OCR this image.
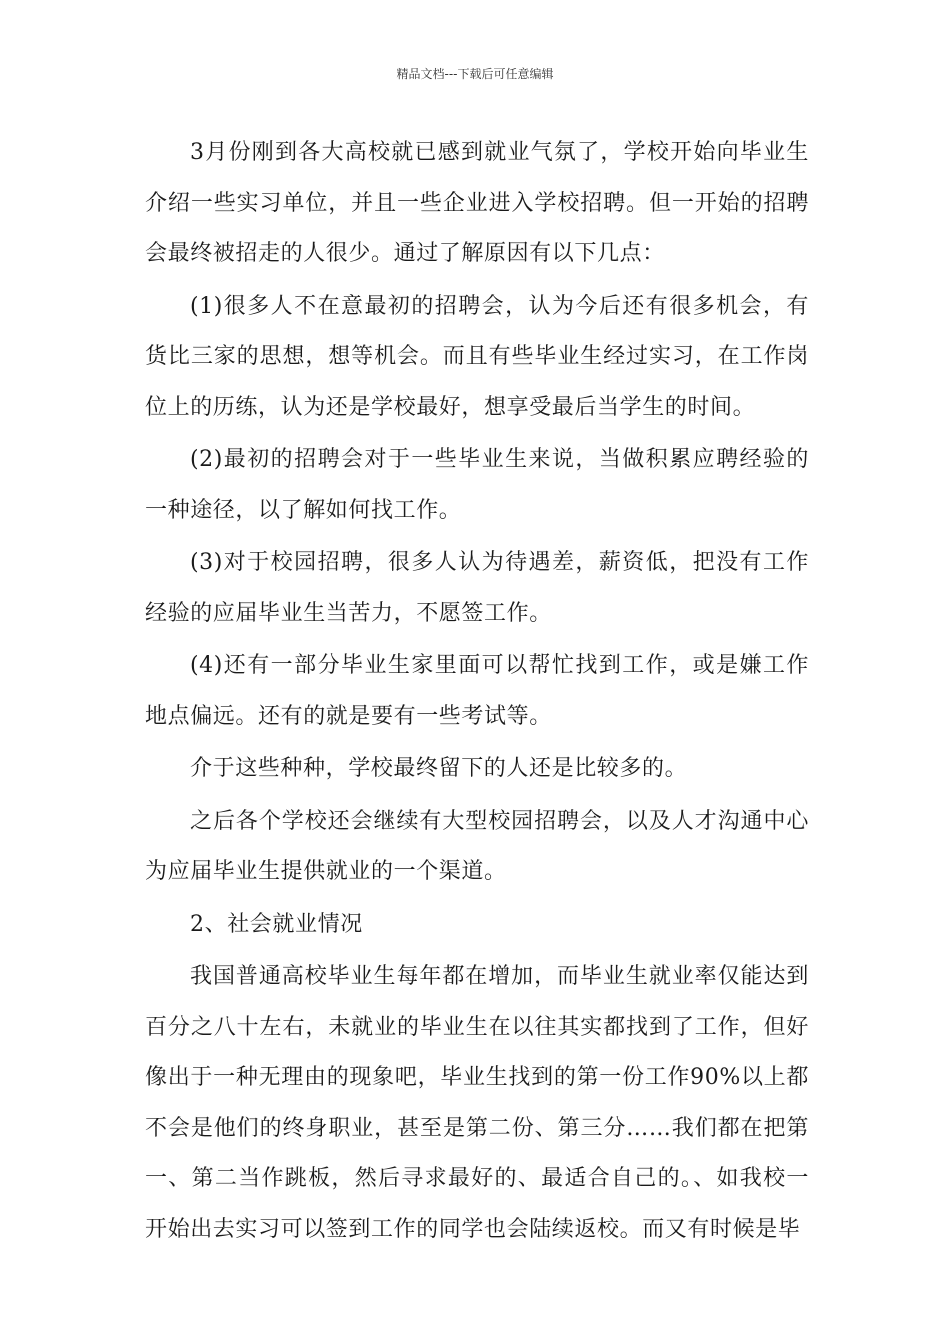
精品文档---下载后可任意编辑

3月份刚到各大高校就已感到就业气氛了，学校开始向毕业生介绍一些实习单位，并且一些企业进入学校招聘。但一开始的招聘会最终被招走的人很少。通过了解原因有以下几点：

(1)很多人不在意最初的招聘会，认为今后还有很多机会，有货比三家的思想，想等机会。而且有些毕业生经过实习，在工作岗位上的历练，认为还是学校最好，想享受最后当学生的时间。

(2)最初的招聘会对于一些毕业生来说，当做积累应聘经验的一种途径，以了解如何找工作。

(3)对于校园招聘，很多人认为待遇差，薪资低，把没有工作经验的应届毕业生当苦力，不愿签工作。

(4)还有一部分毕业生家里面可以帮忙找到工作，或是嫌工作地点偏远。还有的就是要有一些考试等。

介于这些种种，学校最终留下的人还是比较多的。

之后各个学校还会继续有大型校园招聘会，以及人才沟通中心为应届毕业生提供就业的一个渠道。

2、社会就业情况

我国普通高校毕业生每年都在增加，而毕业生就业率仅能达到百分之八十左右，未就业的毕业生在以往其实都找到了工作，但好像出于一种无理由的现象吧，毕业生找到的第一份工作90%以上都不会是他们的终身职业，甚至是第二份、第三分……我们都在把第一、第二当作跳板，然后寻求最好的、最适合自己的。、如我校一开始出去实习可以签到工作的同学也会陆续返校。而又有时候是毕
